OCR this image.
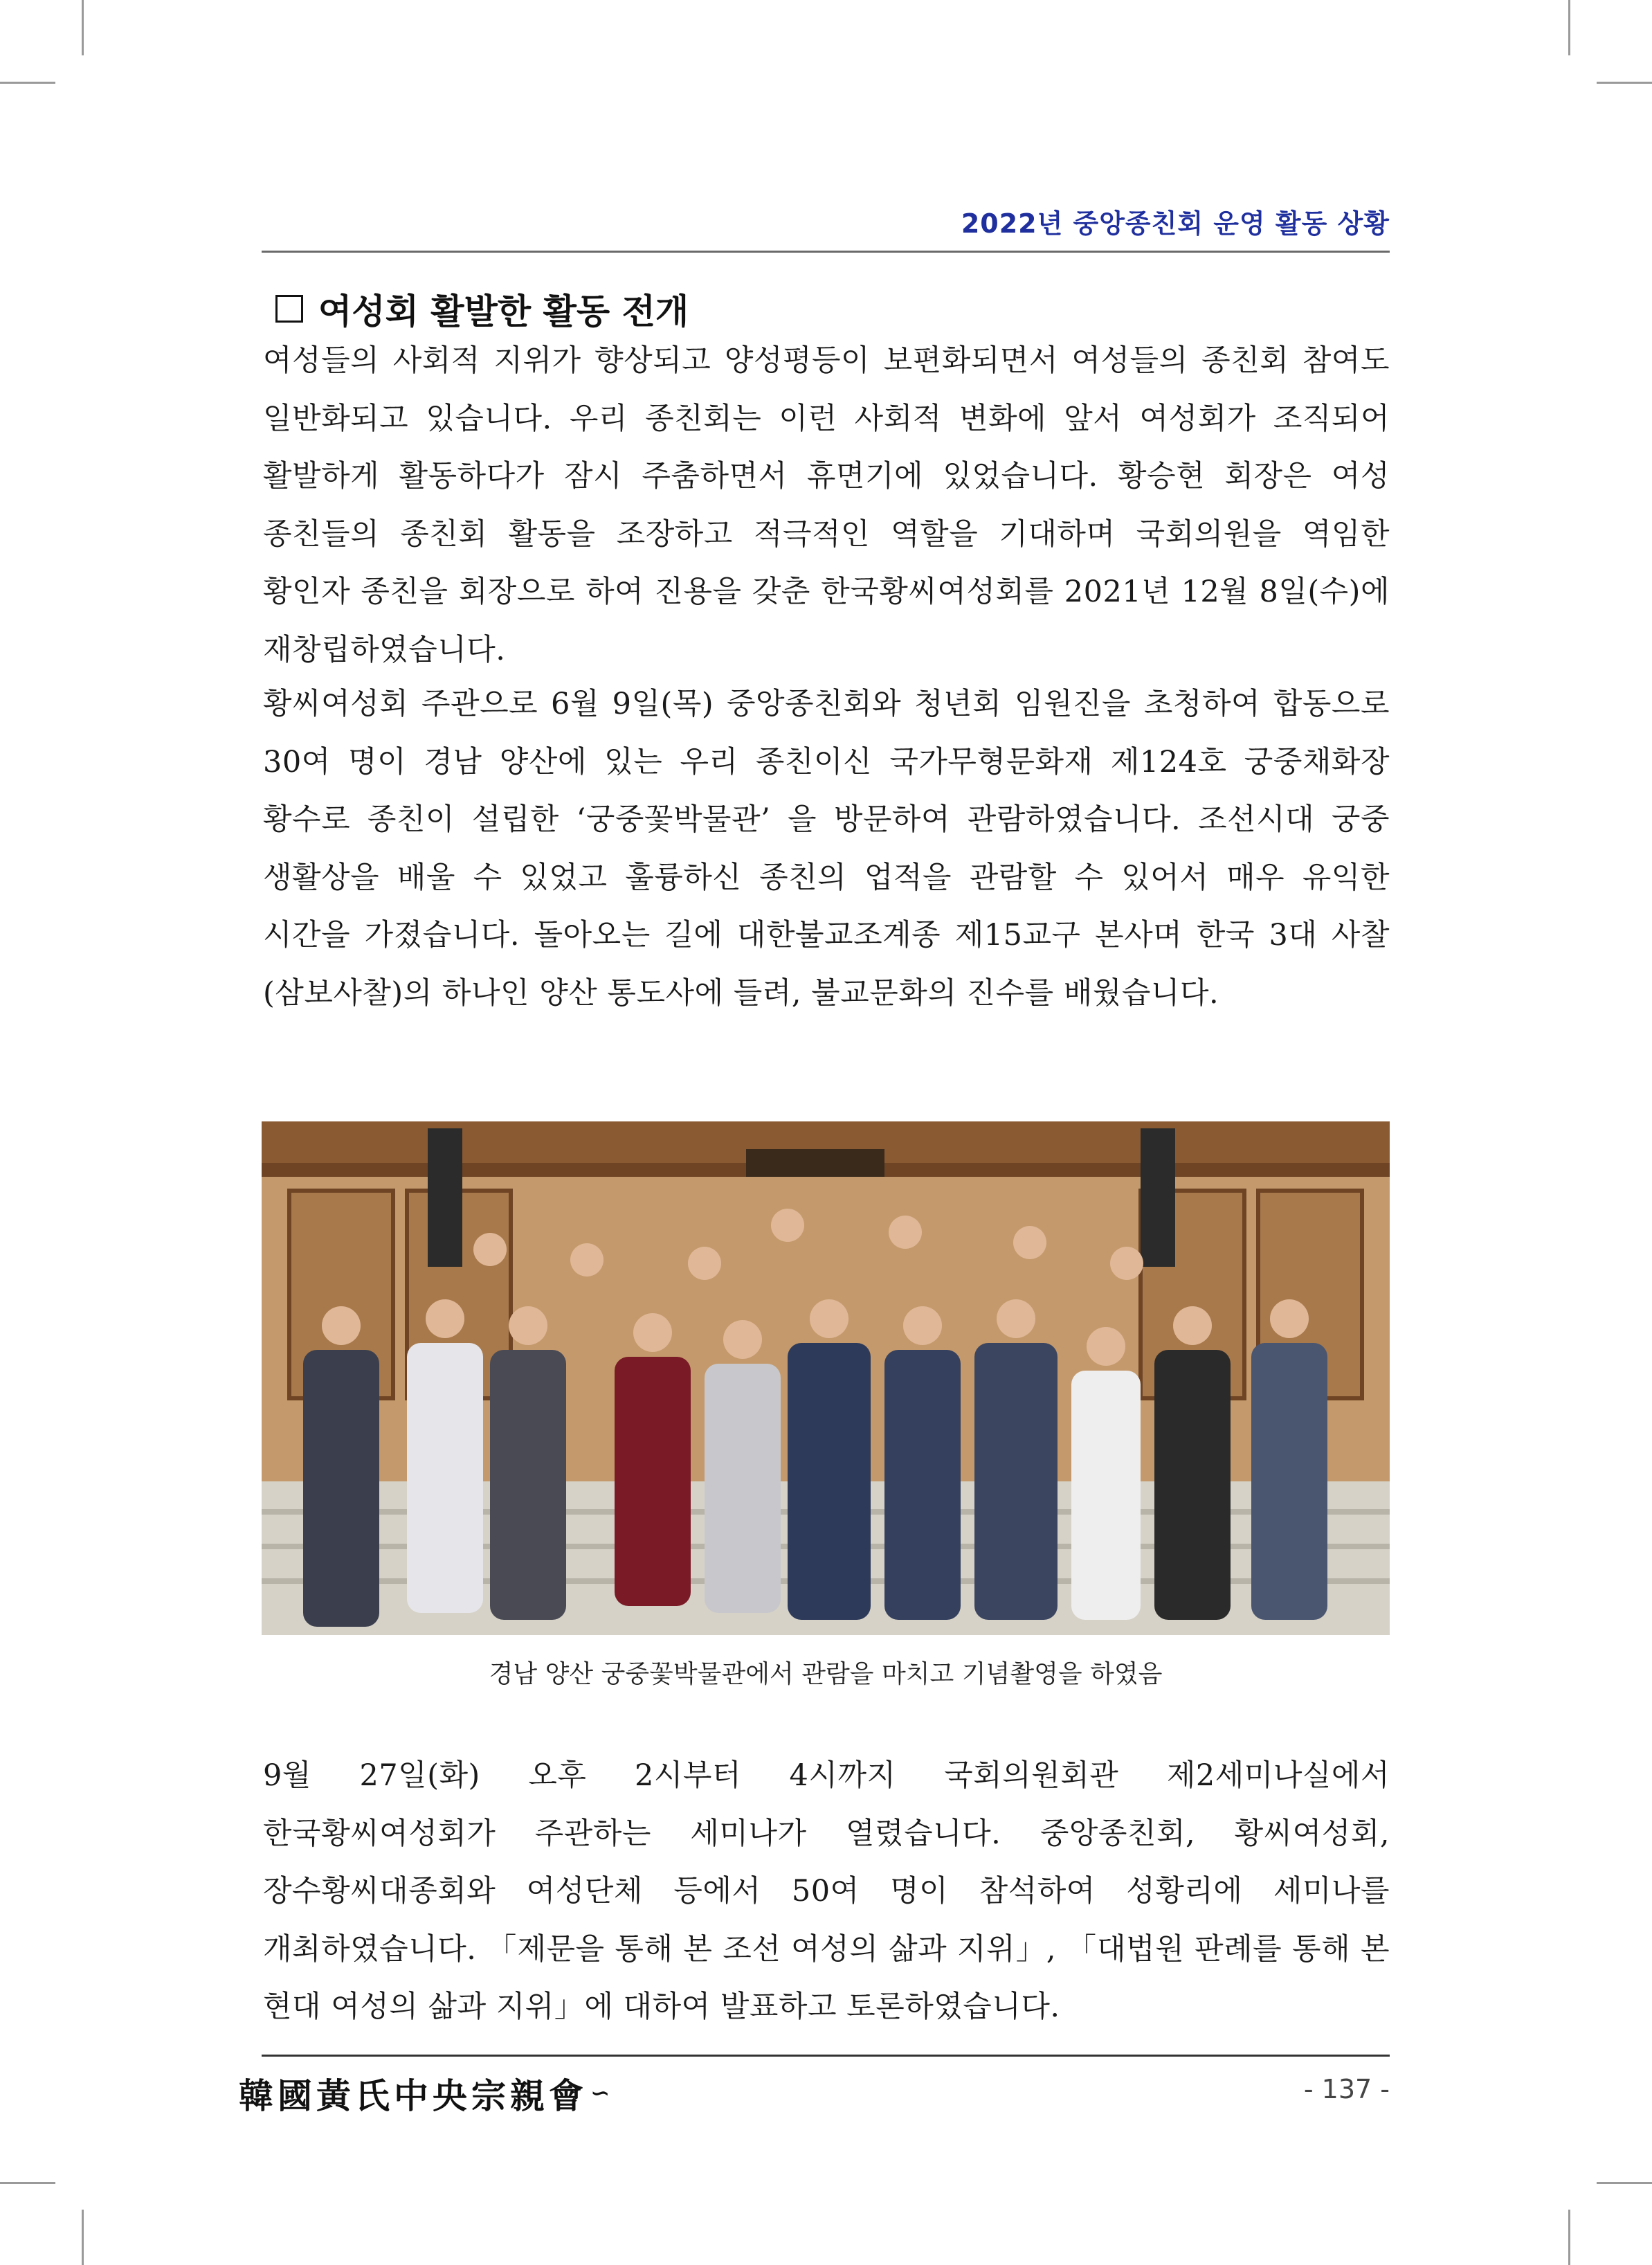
2022년 중앙종친회 운영 활동 상황
여성회 활발한 활동 전개

여성들의 사회적 지위가 향상되고 양성평등이 보편화되면서 여성들의 종친회 참여도 일반화되고 있습니다. 우리 종친회는 이런 사회적 변화에 앞서 여성회가 조직되어 활발하게 활동하다가 잠시 주춤하면서 휴면기에 있었습니다. 황승현 회장은 여성 종친들의 종친회 활동을 조장하고 적극적인 역할을 기대하며 국회의원을 역임한 황인자 종친을 회장으로 하여 진용을 갖춘 한국황씨여성회를 2021년 12월 8일(수)에 재창립하였습니다.

황씨여성회 주관으로 6월 9일(목) 중앙종친회와 청년회 임원진을 초청하여 합동으로 30여 명이 경남 양산에 있는 우리 종친이신 국가무형문화재 제124호 궁중채화장 황수로 종친이 설립한 ‘궁중꽃박물관’ 을 방문하여 관람하였습니다. 조선시대 궁중 생활상을 배울 수 있었고 훌륭하신 종친의 업적을 관람할 수 있어서 매우 유익한 시간을 가졌습니다. 돌아오는 길에 대한불교조계종 제15교구 본사며 한국 3대 사찰(삼보사찰)의 하나인 양산 통도사에 들려, 불교문화의 진수를 배웠습니다.

경남 양산 궁중꽃박물관에서 관람을 마치고 기념촬영을 하였음

9월 27일(화) 오후 2시부터 4시까지 국회의원회관 제2세미나실에서 한국황씨여성회가 주관하는 세미나가 열렸습니다. 중앙종친회, 황씨여성회, 장수황씨대종회와 여성단체 등에서 50여 명이 참석하여 성황리에 세미나를 개최하였습니다. 「제문을 통해 본 조선 여성의 삶과 지위」, 「대법원 판례를 통해 본 현대 여성의 삶과 지위」에 대하여 발표하고 토론하였습니다.

韓國黃氏中央宗親會 ∽	- 137 -
